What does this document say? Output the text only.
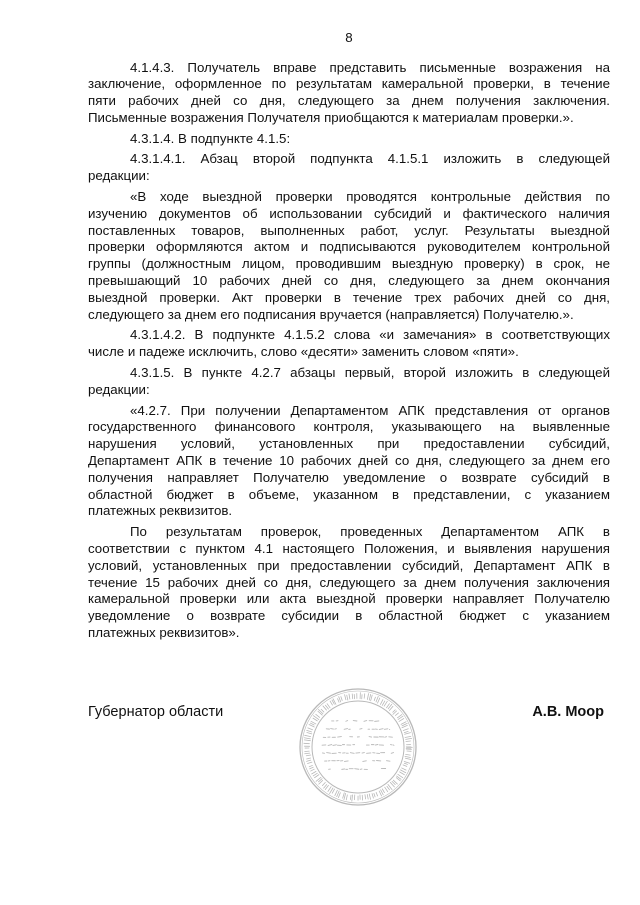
8
4.1.4.3. Получатель вправе представить письменные возражения на
заключение, оформленное по результатам камеральной проверки, в течение
пяти рабочих дней со дня, следующего за днем получения заключения.
Письменные возражения Получателя приобщаются к материалам проверки.».
4.3.1.4. В подпункте 4.1.5:
4.3.1.4.1. Абзац второй подпункта 4.1.5.1 изложить в следующей
редакции:
«В ходе выездной проверки проводятся контрольные действия по
изучению документов об использовании субсидий и фактического наличия
поставленных товаров, выполненных работ, услуг. Результаты выездной
проверки оформляются актом и подписываются руководителем контрольной
группы (должностным лицом, проводившим выездную проверку) в срок, не
превышающий 10 рабочих дней со дня, следующего за днем окончания
выездной проверки. Акт проверки в течение трех рабочих дней со дня,
следующего за днем его подписания вручается (направляется) Получателю.».
4.3.1.4.2. В подпункте 4.1.5.2 слова «и замечания» в соответствующих
числе и падеже исключить, слово «десяти» заменить словом «пяти».
4.3.1.5. В пункте 4.2.7 абзацы первый, второй изложить в следующей
редакции:
«4.2.7. При получении Департаментом АПК представления от органов
государственного финансового контроля, указывающего на выявленные
нарушения условий, установленных при предоставлении субсидий,
Департамент АПК в течение 10 рабочих дней со дня, следующего за днем его
получения направляет Получателю уведомление о возврате субсидий в
областной бюджет в объеме, указанном в представлении, с указанием
платежных реквизитов.
По результатам проверок, проведенных Департаментом АПК в
соответствии с пунктом 4.1 настоящего Положения, и выявления нарушения
условий, установленных при предоставлении субсидий, Департамент АПК в
течение 15 рабочих дней со дня, следующего за днем получения заключения
камеральной проверки или акта выездной проверки направляет Получателю
уведомление о возврате субсидии в областной бюджет с указанием
платежных реквизитов».
Губернатор области	А.В. Моор
